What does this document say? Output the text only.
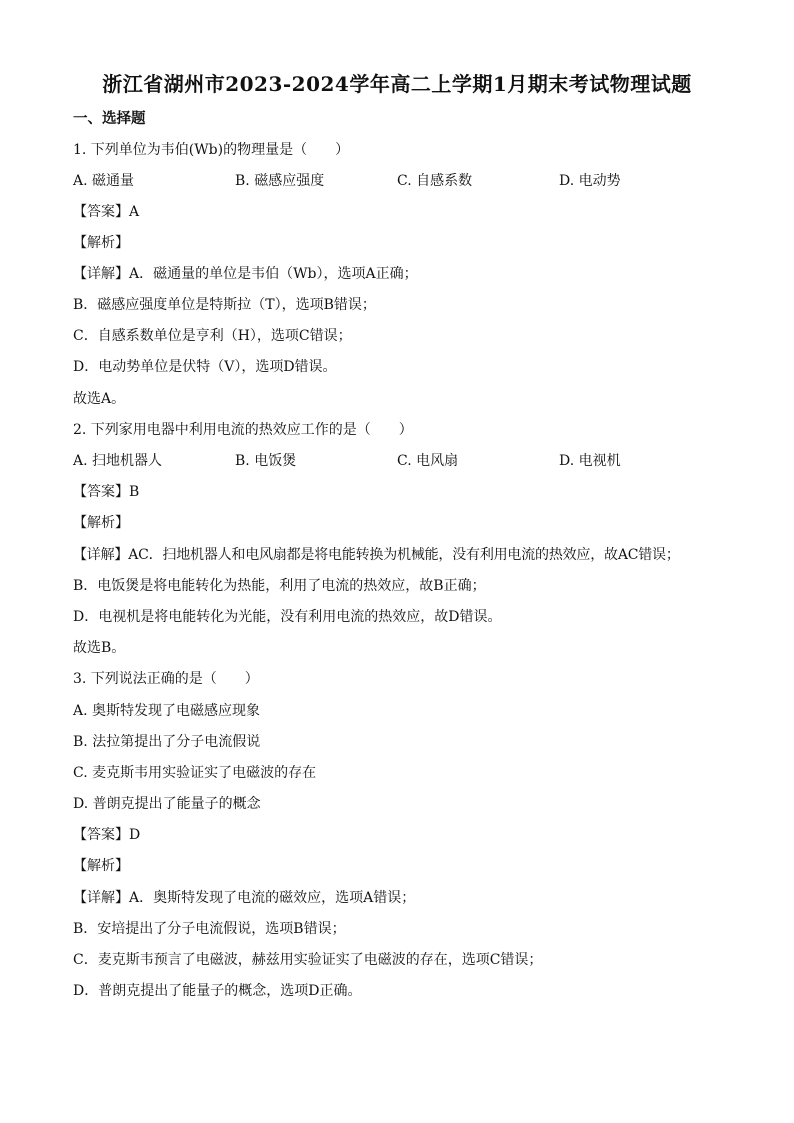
浙江省湖州市2023-2024学年高二上学期1月期末考试物理试题
一、选择题
1. 下列单位为韦伯(Wb)的物理量是（　　）
A. 磁通量	B. 磁感应强度	C. 自感系数	D. 电动势
【答案】A
【解析】
【详解】A．磁通量的单位是韦伯（Wb），选项A正确；
B．磁感应强度单位是特斯拉（T），选项B错误；
C．自感系数单位是亨利（H），选项C错误；
D．电动势单位是伏特（V），选项D错误。
故选A。
2. 下列家用电器中利用电流的热效应工作的是（　　）
A. 扫地机器人	B. 电饭煲	C. 电风扇	D. 电视机
【答案】B
【解析】
【详解】AC．扫地机器人和电风扇都是将电能转换为机械能，没有利用电流的热效应，故AC错误；
B．电饭煲是将电能转化为热能，利用了电流的热效应，故B正确；
D．电视机是将电能转化为光能，没有利用电流的热效应，故D错误。
故选B。
3. 下列说法正确的是（　　）
A. 奥斯特发现了电磁感应现象
B. 法拉第提出了分子电流假说
C. 麦克斯韦用实验证实了电磁波的存在
D. 普朗克提出了能量子的概念
【答案】D
【解析】
【详解】A．奥斯特发现了电流的磁效应，选项A错误；
B．安培提出了分子电流假说，选项B错误；
C．麦克斯韦预言了电磁波，赫兹用实验证实了电磁波的存在，选项C错误；
D．普朗克提出了能量子的概念，选项D正确。
